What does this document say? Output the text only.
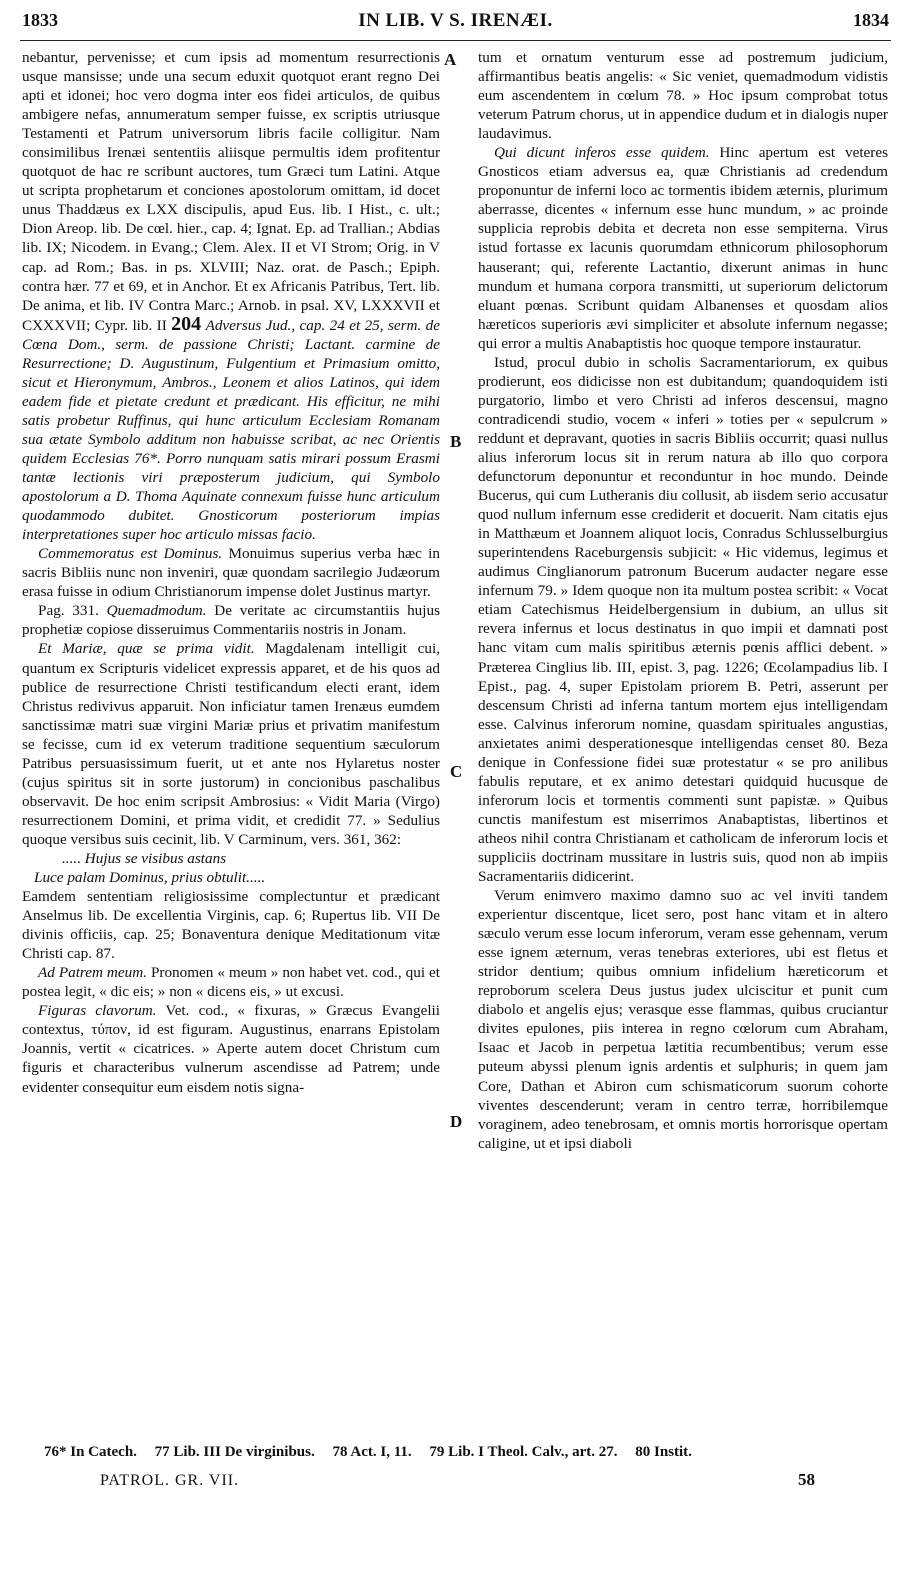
1833	IN LIB. V S. IRENÆI.	1834
A
B
C
D

nebantur, pervenisse; et cum ipsis ad momentum resurrectionis usque mansisse; unde una secum eduxit quotquot erant regno Dei apti et idonei; hoc vero dogma inter eos fidei articulos, de quibus ambigere nefas, annumeratum semper fuisse, ex scriptis utriusque Testamenti et Patrum universorum libris facile colligitur. Nam consimilibus Irenæi sententiis aliisque permultis idem profitentur quotquot de hac re scribunt auctores, tum Græci tum Latini. Atque ut scripta prophetarum et conciones apostolorum omittam, id docet unus Thaddæus ex LXX discipulis, apud Eus. lib. I Hist., c. ult.; Dion Areop. lib. De cœl. hier., cap. 4; Ignat. Ep. ad Trallian.; Abdias lib. IX; Nicodem. in Evang.; Clem. Alex. II et VI Strom; Orig. in V cap. ad Rom.; Bas. in ps. XLVIII; Naz. orat. de Pasch.; Epiph. contra hær. 77 et 69, et in Anchor. Et ex Africanis Patribus, Tert. lib. De anima, et lib. IV Contra Marc.; Arnob. in psal. XV, LXXXVII et CXXXVII; Cypr. lib. II 204 Adversus Jud., cap. 24 et 25, serm. de Cœna Dom., serm. de passione Christi; Lactant. carmine de Resurrectione; D. Augustinum, Fulgentium et Primasium omitto, sicut et Hieronymum, Ambros., Leonem et alios Latinos, qui idem eadem fide et pietate credunt et prædicant. His efficitur, ne mihi satis probetur Ruffinus, qui hunc articulum Ecclesiam Romanam sua ætate Symbolo additum non habuisse scribat, ac nec Orientis quidem Ecclesias 76*. Porro nunquam satis mirari possum Erasmi tantæ lectionis viri præposterum judicium, qui Symbolo apostolorum a D. Thoma Aquinate connexum fuisse hunc articulum quodammodo dubitet. Gnosticorum posteriorum impias interpretationes super hoc articulo missas facio.

Commemoratus est Dominus. Monuimus superius verba hæc in sacris Bibliis nunc non inveniri, quæ quondam sacrilegio Judæorum erasa fuisse in odium Christianorum impense dolet Justinus martyr.

Pag. 331. Quemadmodum. De veritate ac circumstantiis hujus prophetiæ copiose disseruimus Commentariis nostris in Jonam.

Et Mariæ, quæ se prima vidit. Magdalenam intelligit cui, quantum ex Scripturis videlicet expressis apparet, et de his quos ad publice de resurrectione Christi testificandum electi erant, idem Christus redivivus apparuit. Non inficiatur tamen Irenæus eumdem sanctissimæ matri suæ virgini Mariæ prius et privatim manifestum se fecisse, cum id ex veterum traditione sequentium sæculorum Patribus persuasissimum fuerit, ut et ante nos Hylaretus noster (cujus spiritus sit in sorte justorum) in concionibus paschalibus observavit. De hoc enim scripsit Ambrosius: « Vidit Maria (Virgo) resurrectionem Domini, et prima vidit, et credidit 77. » Sedulius quoque versibus suis cecinit, lib. V Carminum, vers. 361, 362:

..... Hujus se visibus astans
Luce palam Dominus, prius obtulit.....

Eamdem sententiam religiosissime complectuntur et prædicant Anselmus lib. De excellentia Virginis, cap. 6; Rupertus lib. VII De divinis officiis, cap. 25; Bonaventura denique Meditationum vitæ Christi cap. 87.

Ad Patrem meum. Pronomen « meum » non habet vet. cod., qui et postea legit, « dic eis; » non « dicens eis, » ut excusi.

Figuras clavorum. Vet. cod., « fixuras, » Græcus Evangelii contextus, τύπον, id est figuram. Augustinus, enarrans Epistolam Joannis, vertit « cicatrices. » Aperte autem docet Christum cum figuris et characteribus vulnerum ascendisse ad Patrem; unde evidenter consequitur eum eisdem notis signa-

tum et ornatum venturum esse ad postremum judicium, affirmantibus beatis angelis: « Sic veniet, quemadmodum vidistis eum ascendentem in cœlum 78. » Hoc ipsum comprobat totus veterum Patrum chorus, ut in appendice dudum et in dialogis nuper laudavimus.

Qui dicunt inferos esse quidem. Hinc apertum est veteres Gnosticos etiam adversus ea, quæ Christianis ad credendum proponuntur de inferni loco ac tormentis ibidem æternis, plurimum aberrasse, dicentes « infernum esse hunc mundum, » ac proinde supplicia reprobis debita et decreta non esse sempiterna. Virus istud fortasse ex lacunis quorumdam ethnicorum philosophorum hauserant; qui, referente Lactantio, dixerunt animas in hunc mundum et humana corpora transmitti, ut superiorum delictorum eluant pœnas. Scribunt quidam Albanenses et quosdam alios hæreticos superioris ævi simpliciter et absolute infernum negasse; qui error a multis Anabaptistis hoc quoque tempore instauratur.

Istud, procul dubio in scholis Sacramentariorum, ex quibus prodierunt, eos didicisse non est dubitandum; quandoquidem isti purgatorio, limbo et vero Christi ad inferos descensui, magno contradicendi studio, vocem « inferi » toties per « sepulcrum » reddunt et depravant, quoties in sacris Bibliis occurrit; quasi nullus alius inferorum locus sit in rerum natura ab illo quo corpora defunctorum deponuntur et reconduntur in hoc mundo. Deinde Bucerus, qui cum Lutheranis diu collusit, ab iisdem serio accusatur quod nullum infernum esse crediderit et docuerit. Nam citatis ejus in Matthæum et Joannem aliquot locis, Conradus Schlusselburgius superintendens Raceburgensis subjicit: « Hic videmus, legimus et audimus Cinglianorum patronum Bucerum audacter negare esse infernum 79. » Idem quoque non ita multum postea scribit: « Vocat etiam Catechismus Heidelbergensium in dubium, an ullus sit revera infernus et locus destinatus in quo impii et damnati post hanc vitam cum malis spiritibus æternis pœnis afflici debent. » Præterea Cinglius lib. III, epist. 3, pag. 1226; Œcolampadius lib. I Epist., pag. 4, super Epistolam priorem B. Petri, asserunt per descensum Christi ad inferna tantum mortem ejus intelligendam esse. Calvinus inferorum nomine, quasdam spirituales angustias, anxietates animi desperationesque intelligendas censet 80. Beza denique in Confessione fidei suæ protestatur « se pro anilibus fabulis reputare, et ex animo detestari quidquid hucusque de inferorum locis et tormentis commenti sunt papistæ. » Quibus cunctis manifestum est miserrimos Anabaptistas, libertinos et atheos nihil contra Christianam et catholicam de inferorum locis et suppliciis doctrinam mussitare in lustris suis, quod non ab impiis Sacramentariis didicerint.

Verum enimvero maximo damno suo ac vel inviti tandem experientur discentque, licet sero, post hanc vitam et in altero sæculo verum esse locum inferorum, veram esse gehennam, verum esse ignem æternum, veras tenebras exteriores, ubi est fletus et stridor dentium; quibus omnium infidelium hæreticorum et reproborum scelera Deus justus judex ulciscitur et punit cum diabolo et angelis ejus; verasque esse flammas, quibus cruciantur divites epulones, piis interea in regno cœlorum cum Abraham, Isaac et Jacob in perpetua lætitia recumbentibus; verum esse puteum abyssi plenum ignis ardentis et sulphuris; in quem jam Core, Dathan et Abiron cum schismaticorum suorum cohorte viventes descenderunt; veram in centro terræ, horribilemque voraginem, adeo tenebrosam, et omnis mortis horrorisque opertam caligine, ut et ipsi diaboli

76* In Catech. 77 Lib. III De virginibus. 78 Act. I, 11. 79 Lib. I Theol. Calv., art. 27. 80 Instit.
PATROL. GR. VII.	58
